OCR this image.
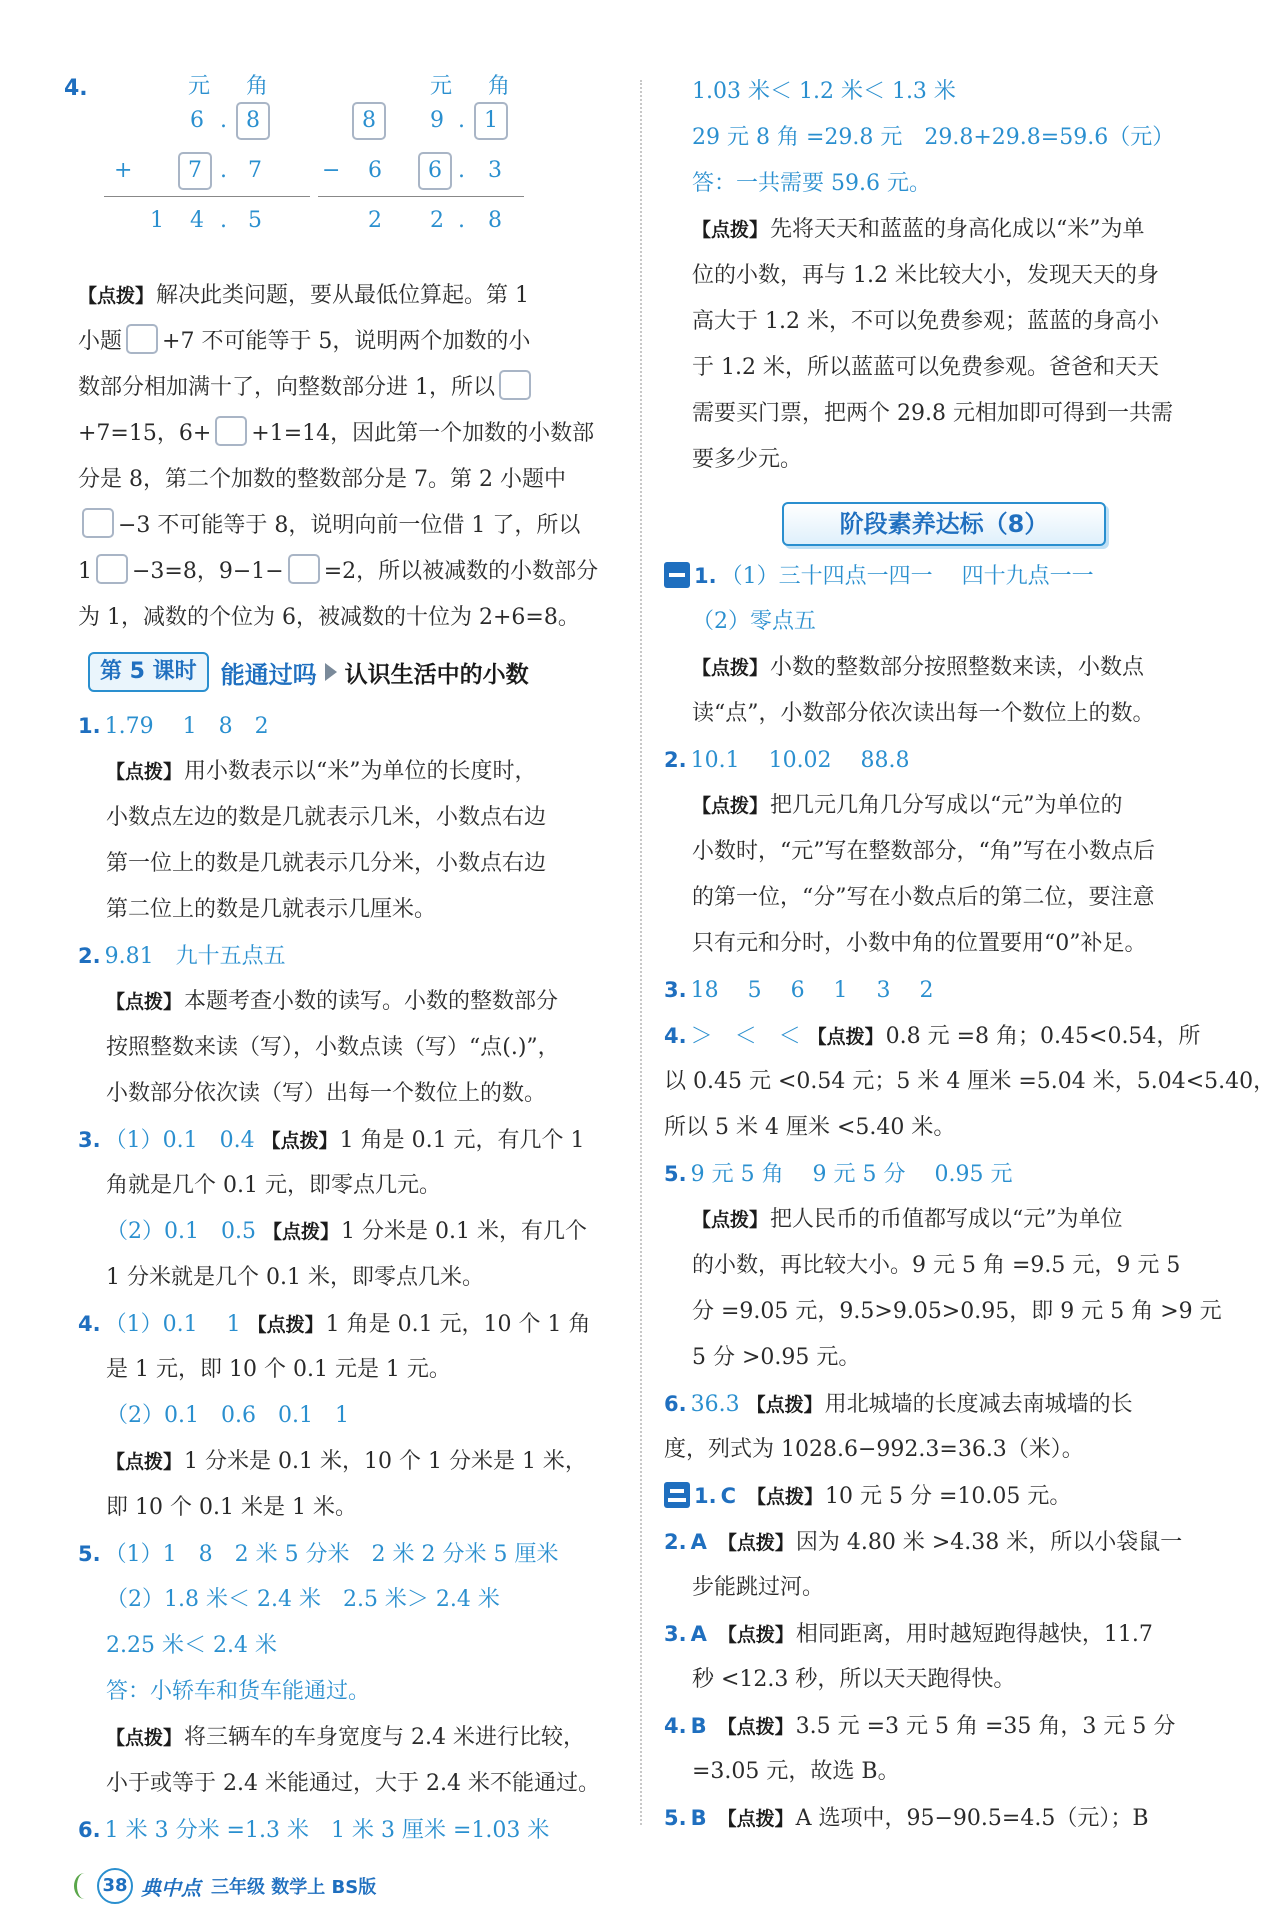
4.	元 角	元 角
6 . 8
+	7 . 7
1 4 . 5
8	9 . 1
− 6	6 . 3
2 2 . 8
【点拨】解决此类问题，要从最低位算起。第 1
小题 +7 不可能等于 5，说明两个加数的小
数部分相加满十了，向整数部分进 1，所以
+7=15，6+ +1=14，因此第一个加数的小数部
分是 8，第二个加数的整数部分是 7。第 2 小题中
−3 不可能等于 8，说明向前一位借 1 了，所以
1 −3=8，9−1− =2，所以被减数的小数部分
为 1，减数的个位为 6，被减数的十位为 2+6=8。
第 5 课时	能通过吗 认识生活中的小数
1. 1.79　 1　8　2
【点拨】用小数表示以“米”为单位的长度时，
小数点左边的数是几就表示几米，小数点右边
第一位上的数是几就表示几分米，小数点右边
第二位上的数是几就表示几厘米。
2. 9.81　九十五点五
【点拨】本题考查小数的读写。小数的整数部分
按照整数来读（写），小数点读（写）“点(.)”，
小数部分依次读（写）出每一个数位上的数。
3. （1）0.1　0.4 【点拨】1 角是 0.1 元，有几个 1
角就是几个 0.1 元，即零点几元。
（2）0.1　0.5 【点拨】1 分米是 0.1 米，有几个
1 分米就是几个 0.1 米，即零点几米。
4. （1）0.1　 1 【点拨】1 角是 0.1 元，10 个 1 角
是 1 元，即 10 个 0.1 元是 1 元。
（2）0.1　0.6　0.1　1
【点拨】1 分米是 0.1 米，10 个 1 分米是 1 米，
即 10 个 0.1 米是 1 米。
5. （1）1　8　2 米 5 分米　2 米 2 分米 5 厘米
（2）1.8 米＜ 2.4 米　2.5 米＞ 2.4 米
2.25 米＜ 2.4 米
答：小轿车和货车能通过。
【点拨】将三辆车的车身宽度与 2.4 米进行比较，
小于或等于 2.4 米能通过，大于 2.4 米不能通过。
6. 1 米 3 分米 =1.3 米　1 米 3 厘米 =1.03 米
1.03 米＜ 1.2 米＜ 1.3 米
29 元 8 角 =29.8 元　29.8+29.8=59.6（元）
答：一共需要 59.6 元。
【点拨】先将天天和蓝蓝的身高化成以“米”为单
位的小数，再与 1.2 米比较大小，发现天天的身
高大于 1.2 米，不可以免费参观；蓝蓝的身高小
于 1.2 米，所以蓝蓝可以免费参观。爸爸和天天
需要买门票，把两个 29.8 元相加即可得到一共需
要多少元。
阶段素养达标（8）
1. （1）三十四点一四一　 四十九点一一
（2）零点五
【点拨】小数的整数部分按照整数来读，小数点
读“点”，小数部分依次读出每一个数位上的数。
2. 10.1　 10.02　 88.8
【点拨】把几元几角几分写成以“元”为单位的
小数时，“元”写在整数部分，“角”写在小数点后
的第一位，“分”写在小数点后的第二位，要注意
只有元和分时，小数中角的位置要用“0”补足。
3. 18　 5　 6　 1　 3　 2
4. ＞　＜　＜ 【点拨】0.8 元 =8 角；0.45<0.54，所
以 0.45 元 <0.54 元；5 米 4 厘米 =5.04 米，5.04<5.40，
所以 5 米 4 厘米 <5.40 米。
5. 9 元 5 角　 9 元 5 分　 0.95 元
【点拨】把人民币的币值都写成以“元”为单位
的小数，再比较大小。9 元 5 角 =9.5 元，9 元 5
分 =9.05 元，9.5>9.05>0.95，即 9 元 5 角 >9 元
5 分 >0.95 元。
6. 36.3 【点拨】用北城墙的长度减去南城墙的长
度，列式为 1028.6−992.3=36.3（米）。
1. C 【点拨】10 元 5 分 =10.05 元。
2. A 【点拨】因为 4.80 米 >4.38 米，所以小袋鼠一
步能跳过河。
3. A 【点拨】相同距离，用时越短跑得越快，11.7
秒 <12.3 秒，所以天天跑得快。
4. B 【点拨】3.5 元 =3 元 5 角 =35 角，3 元 5 分
=3.05 元，故选 B。
5. B 【点拨】A 选项中，95−90.5=4.5（元）；B
38 典中点 三年级 数学上 BS版
